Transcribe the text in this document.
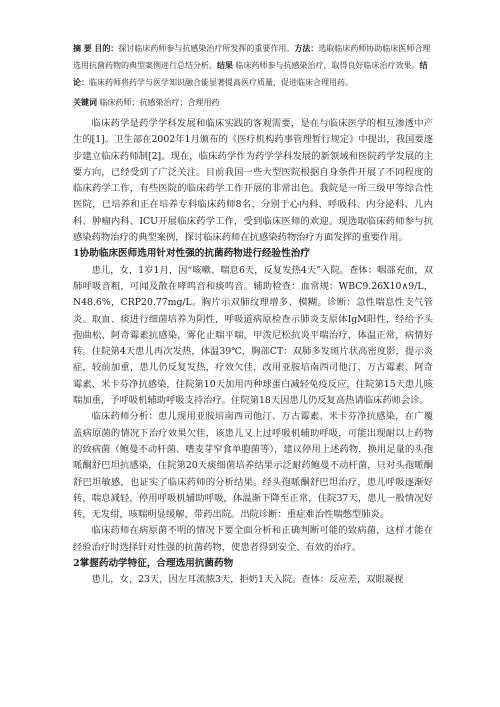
摘 要 目的：探讨临床药师参与抗感染治疗所发挥的重要作用。方法：选取临床药师协助临床医师合理选用抗菌药物的典型案例进行总结分析。结果 临床药师参与抗感染治疗，取得良好临床治疗效果。结论：临床药师将药学与医学知识融合能显著提高医疗质量，促进临床合理用药。
关键词 临床药师；抗感染治疗；合理用药

临床药学是药学学科发展和临床实践的客观需要，是在与临床医学的相互渗透中产生的[1]。卫生部在2002年1月颁布的《医疗机构药事管理暂行规定》中提出，我国要逐步建立临床药师制[2]。现在，临床药学作为药学学科发展的新领域和医院药学发展的主要方向，已经受到了广泛关注。目前我国一些大型医院根据自身条件开展了不同程度的临床药学工作，有些医院的临床药学工作开展的非常出色。我院是一所三级甲等综合性医院，已培养和正在培养专科临床药师8名，分别于心内科、呼吸科、内分泌科、儿内科、肿瘤内科、ICU开展临床药学工作，受到临床医师的欢迎。现选取临床药师参与抗感染药物治疗的典型案例，探讨临床药师在抗感染药物治疗方面发挥的重要作用。

1协助临床医师选用针对性强的抗菌药物进行经验性治疗

患儿，女，1岁1月，因“咳嗽、喘息6天，反复发热4天”入院。查体：咽部充血，双肺呼吸音粗，可闻及散在哮鸣音和痰鸣音。辅助检查：血常规：WBC9.26X10∧9/L，N48.6%，CRP20.77mg/L。胸片示双肺纹理增多、模糊。诊断：急性喘息性支气管炎。取血、痰进行细菌培养为阴性，呼吸道病原检查示肺炎支原体IgM阳性，经给予头孢曲松、阿奇霉素抗感染，雾化止喘平喘，甲泼尼松抗炎平喘治疗，体温正常，病情好转。住院第4天患儿再次发热，体温39℃，胸部CT：双肺多发斑片状高密度影，提示炎症，较前加重，患儿仍反复发热，疗效欠佳，改用亚胺培南西司他汀、万古霉素、阿奇霉素、米卡芬净抗感染，住院第10天加用丙种球蛋白减轻免疫反应，住院第15天患儿咳喘加重，予呼吸机辅助呼吸支持治疗。住院第18天因患儿仍反复高热请临床药师会诊。

临床药师分析：患儿现用亚胺培南西司他汀、万古霉素、米卡芬净抗感染，在广覆盖病原菌的情况下治疗效果欠佳，该患儿又上过呼吸机辅助呼吸，可能出现耐以上药物的致病菌（鲍曼不动杆菌、嗜麦芽窄食单胞菌等），建议停用上述药物，换用足量的头孢哌酮舒巴坦抗感染，住院第20天痰细菌培养结果示泛耐药鲍曼不动杆菌，只对头孢哌酮舒巴坦敏感，也证实了临床药师的分析结果。经头孢哌酮舒巴坦治疗，患儿呼吸逐渐好转，喘息减轻，停用呼吸机辅助呼吸，体温渐下降至正常，住院37天，患儿一般情况好转，无发绀，咳喘明显缓解，带药出院。出院诊断：重症难治性喘憋型肺炎。

临床药师在病原菌不明的情况下要全面分析和正确判断可能的致病菌，这样才能在经验治疗时选择针对性强的抗菌药物，使患者得到安全、有效的治疗。

2掌握药动学特征，合理选用抗菌药物

患儿，女，23天，因左耳流脓3天，拒奶1天入院。查体：反应差，双眼凝视
